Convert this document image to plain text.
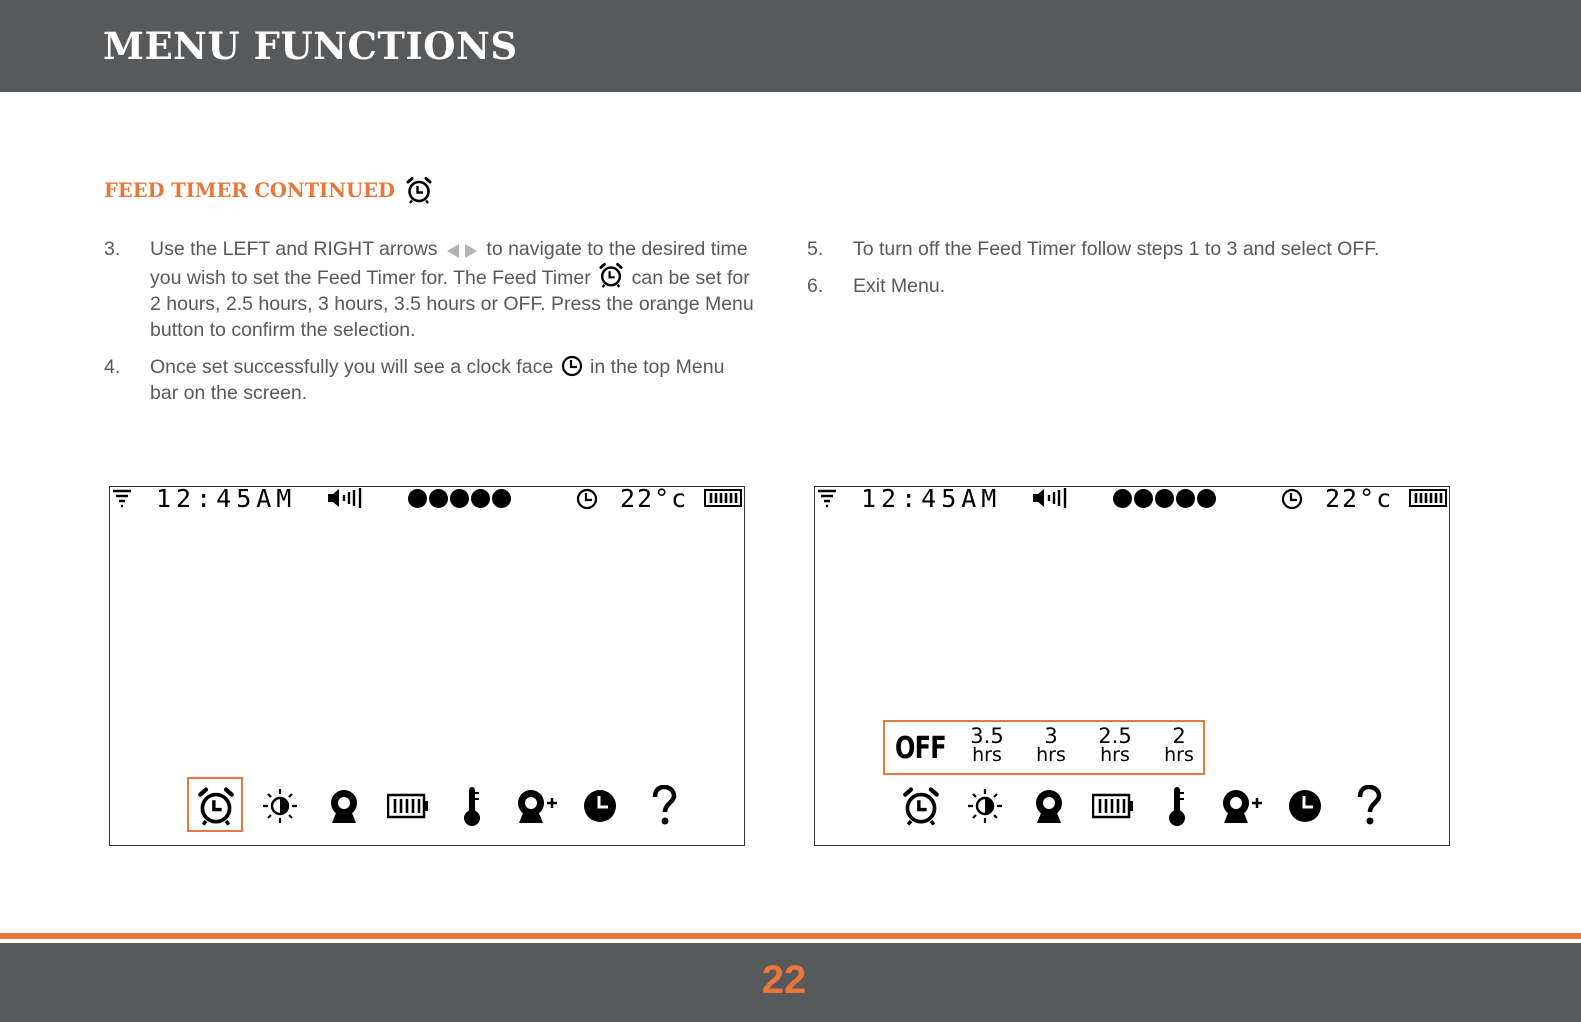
MENU FUNCTIONS
FEED TIMER CONTINUED
3.	Use the LEFT and RIGHT arrows	to navigate to the desired time you wish to set the Feed Timer for. The Feed Timer can be set for 2 hours, 2.5 hours, 3 hours, 3.5 hours or OFF. Press the orange Menu button to confirm the selection.
4.	Once set successfully you will see a clock face in the top Menu bar on the screen.
5.	To turn off the Feed Timer follow steps 1 to 3 and select OFF.
6.	Exit Menu.
12:45AM	22°c	12:45AM	22°c
OFF	3.5
hrs
3
hrs
2.5
hrs
2
hrs
22
